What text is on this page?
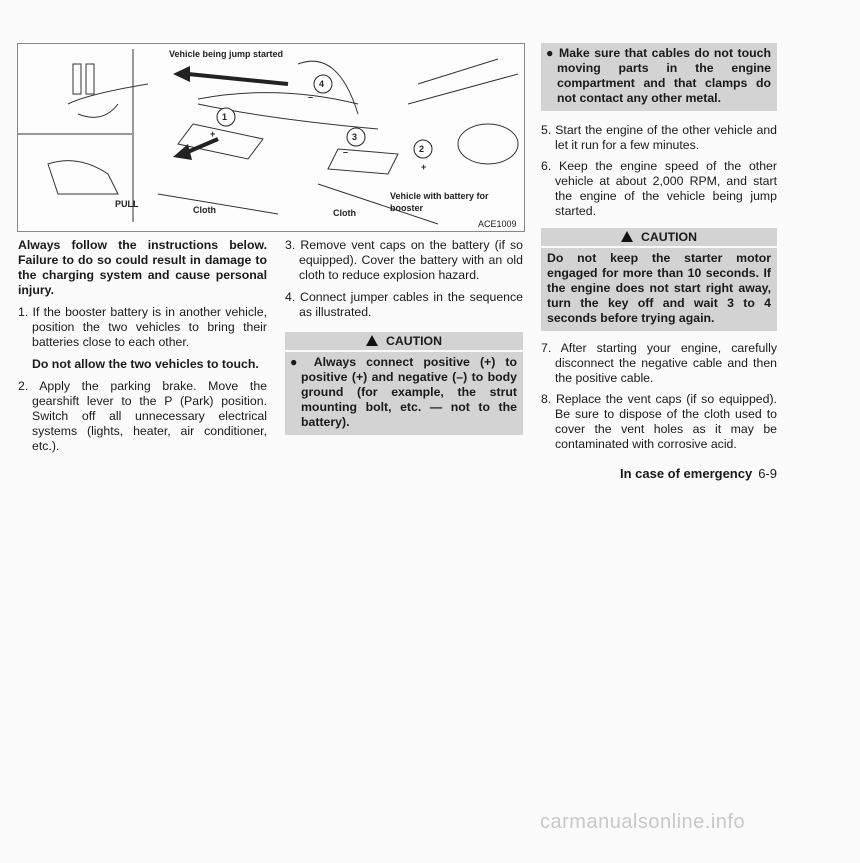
Vehicle being jump started
1
2
3
4
+
+
–
–
PULL
Cloth	Cloth
Vehicle with battery for booster
ACE1009

Always follow the instructions below. Failure to do so could result in damage to the charging system and cause personal injury.

1. If the booster battery is in another vehicle, position the two vehicles to bring their batteries close to each other.

Do not allow the two vehicles to touch.

2. Apply the parking brake. Move the gearshift lever to the P (Park) position. Switch off all unnecessary electrical systems (lights, heater, air conditioner, etc.).

3. Remove vent caps on the battery (if so equipped). Cover the battery with an old cloth to reduce explosion hazard.

4. Connect jumper cables in the sequence as illustrated.

CAUTION
● Always connect positive (+) to positive (+) and negative (–) to body ground (for example, the strut mounting bolt, etc. — not to the battery).
● Make sure that cables do not touch moving parts in the engine compartment and that clamps do not contact any other metal.

5. Start the engine of the other vehicle and let it run for a few minutes.

6. Keep the engine speed of the other vehicle at about 2,000 RPM, and start the engine of the vehicle being jump started.

CAUTION
Do not keep the starter motor engaged for more than 10 seconds. If the engine does not start right away, turn the key off and wait 3 to 4 seconds before trying again.

7. After starting your engine, carefully disconnect the negative cable and then the positive cable.

8. Replace the vent caps (if so equipped). Be sure to dispose of the cloth used to cover the vent holes as it may be contaminated with corrosive acid.

In case of emergency 6-9
carmanualsonline.info
